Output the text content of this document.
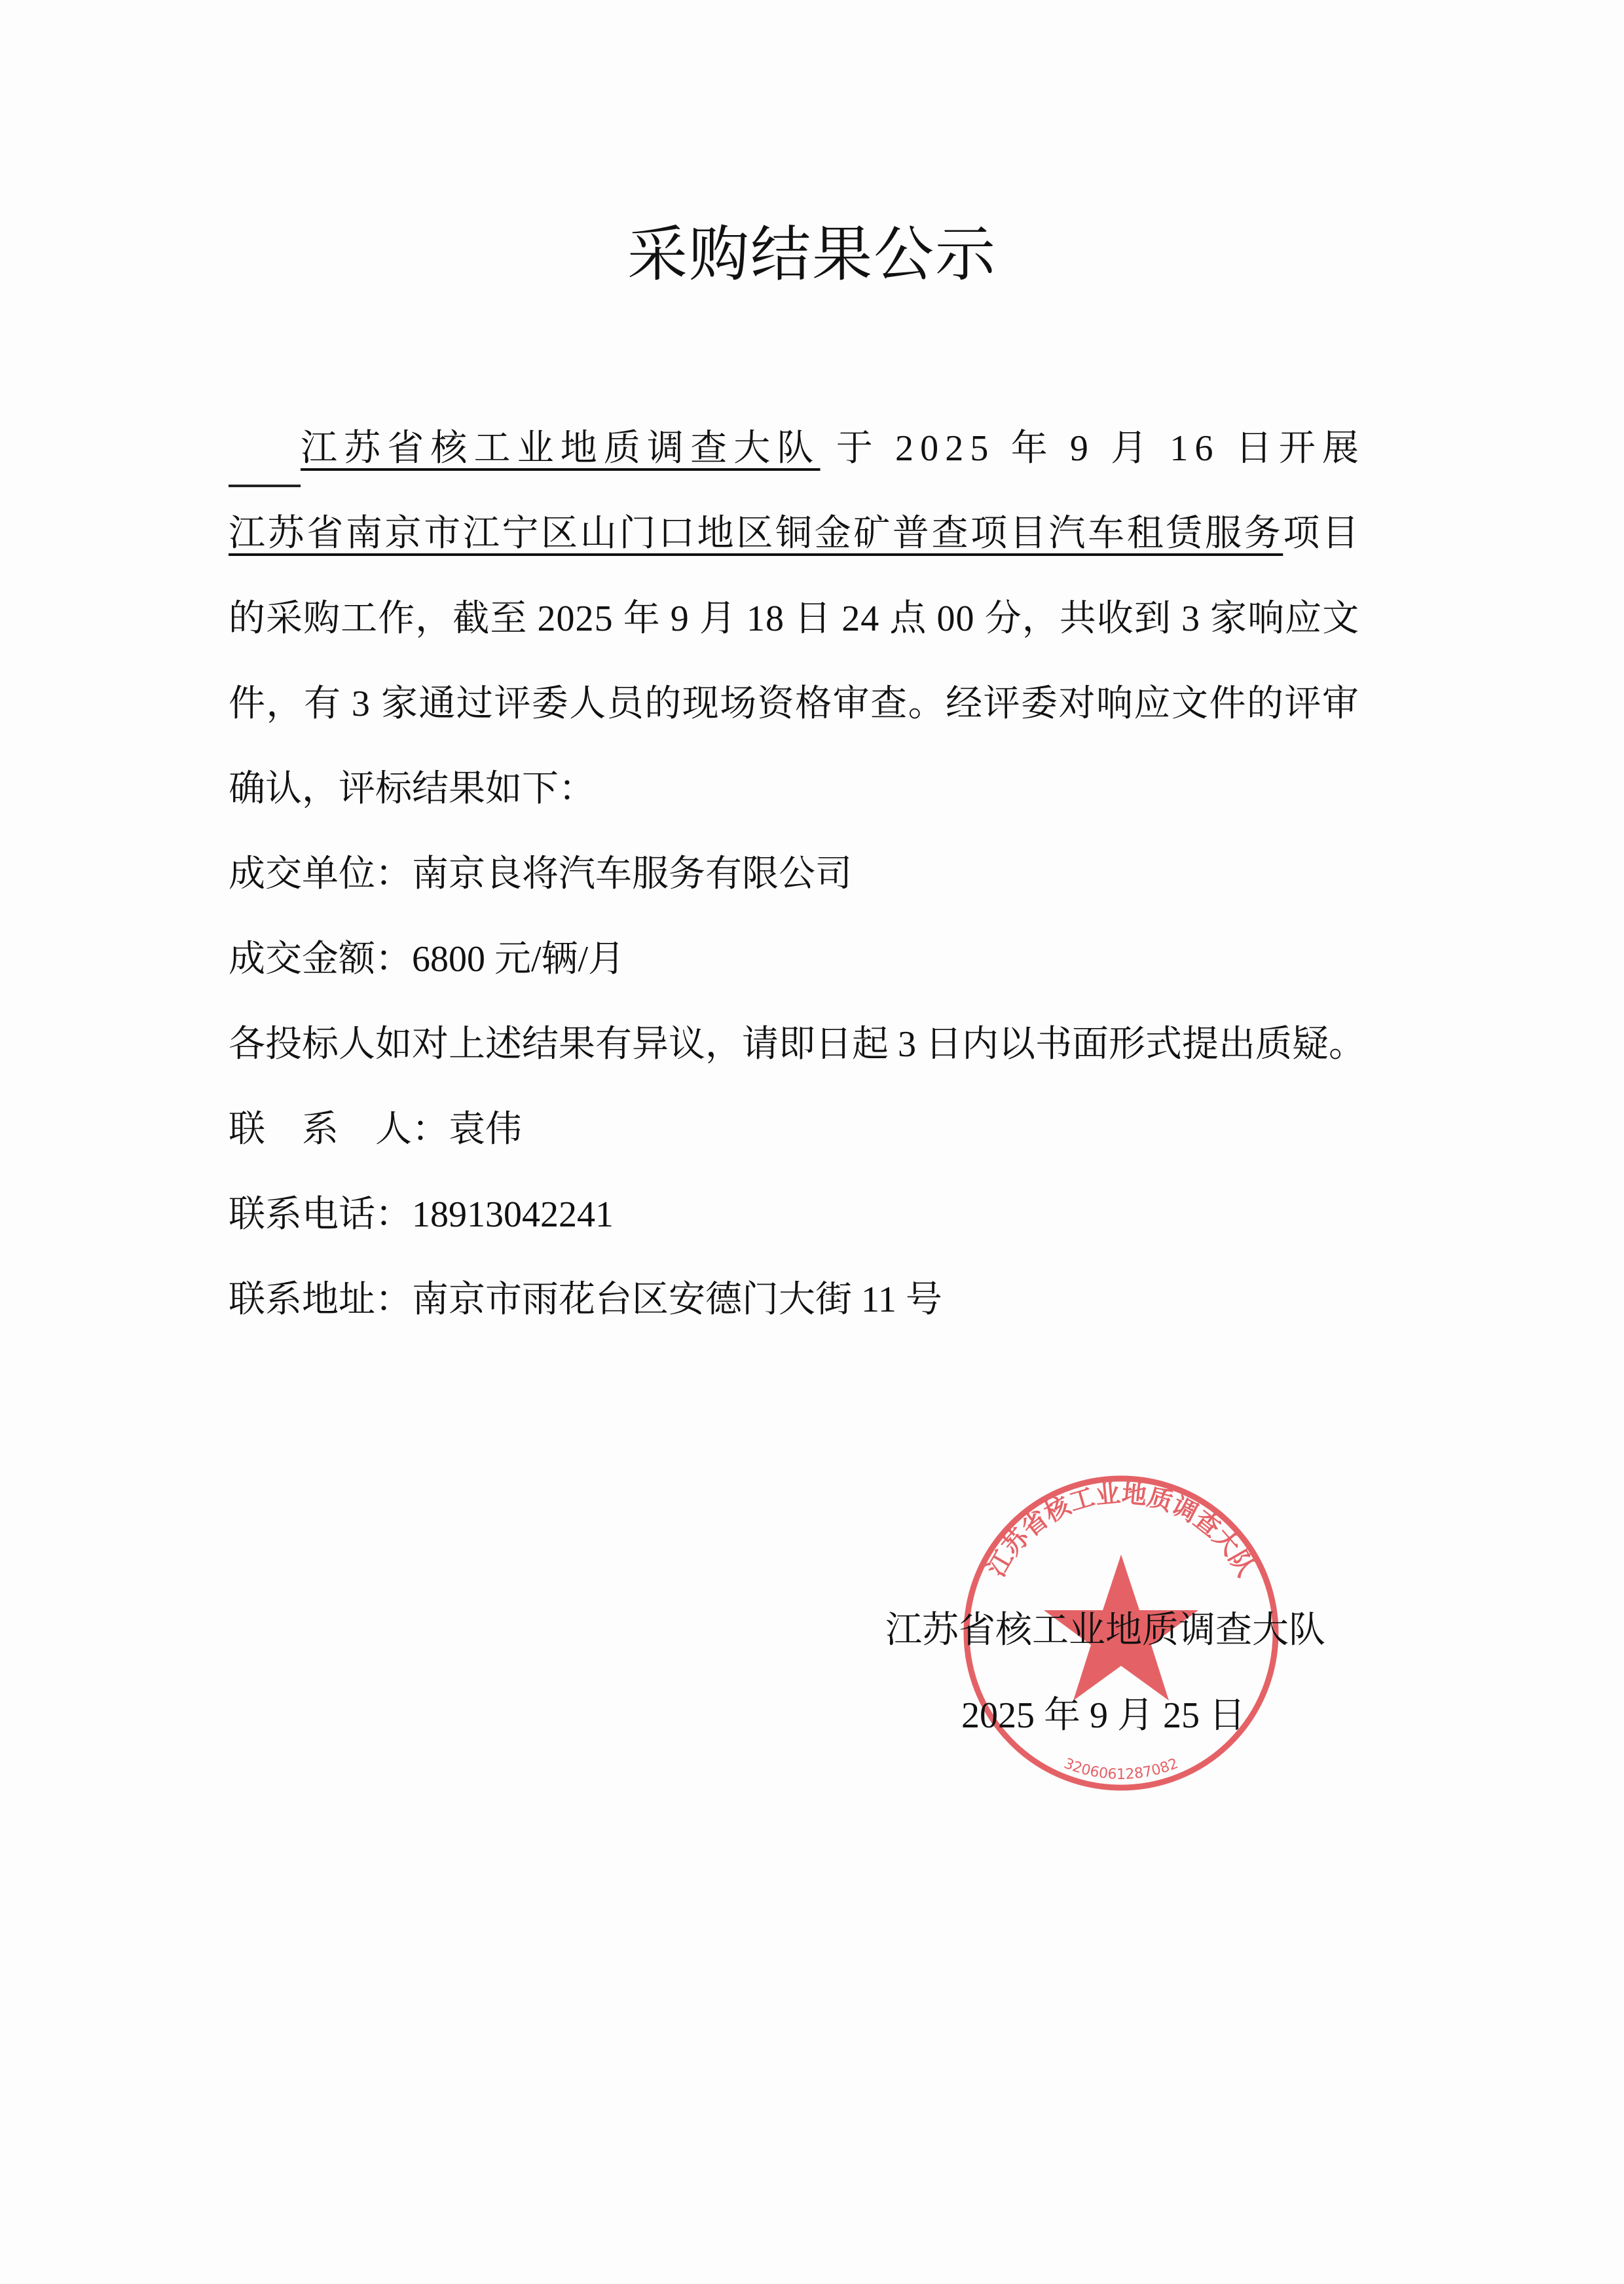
采购结果公示
江苏省核工业地质调查大队 于 2025 年 9 月 16 日开展
江苏省南京市江宁区山门口地区铜金矿普查项目汽车租赁服务项目
的采购工作，截至 2025 年 9 月 18 日 24 点 00 分，共收到 3 家响应文
件，有 3 家通过评委人员的现场资格审查。经评委对响应文件的评审
确认，评标结果如下：
成交单位：南京良将汽车服务有限公司
成交金额：6800 元/辆/月
各投标人如对上述结果有异议，请即日起 3 日内以书面形式提出质疑。
联　系　人：袁伟
联系电话：18913042241
联系地址：南京市雨花台区安德门大街 11 号
江苏省核工业地质调查大队
3206061287082
江苏省核工业地质调查大队
2025 年 9 月 25 日
